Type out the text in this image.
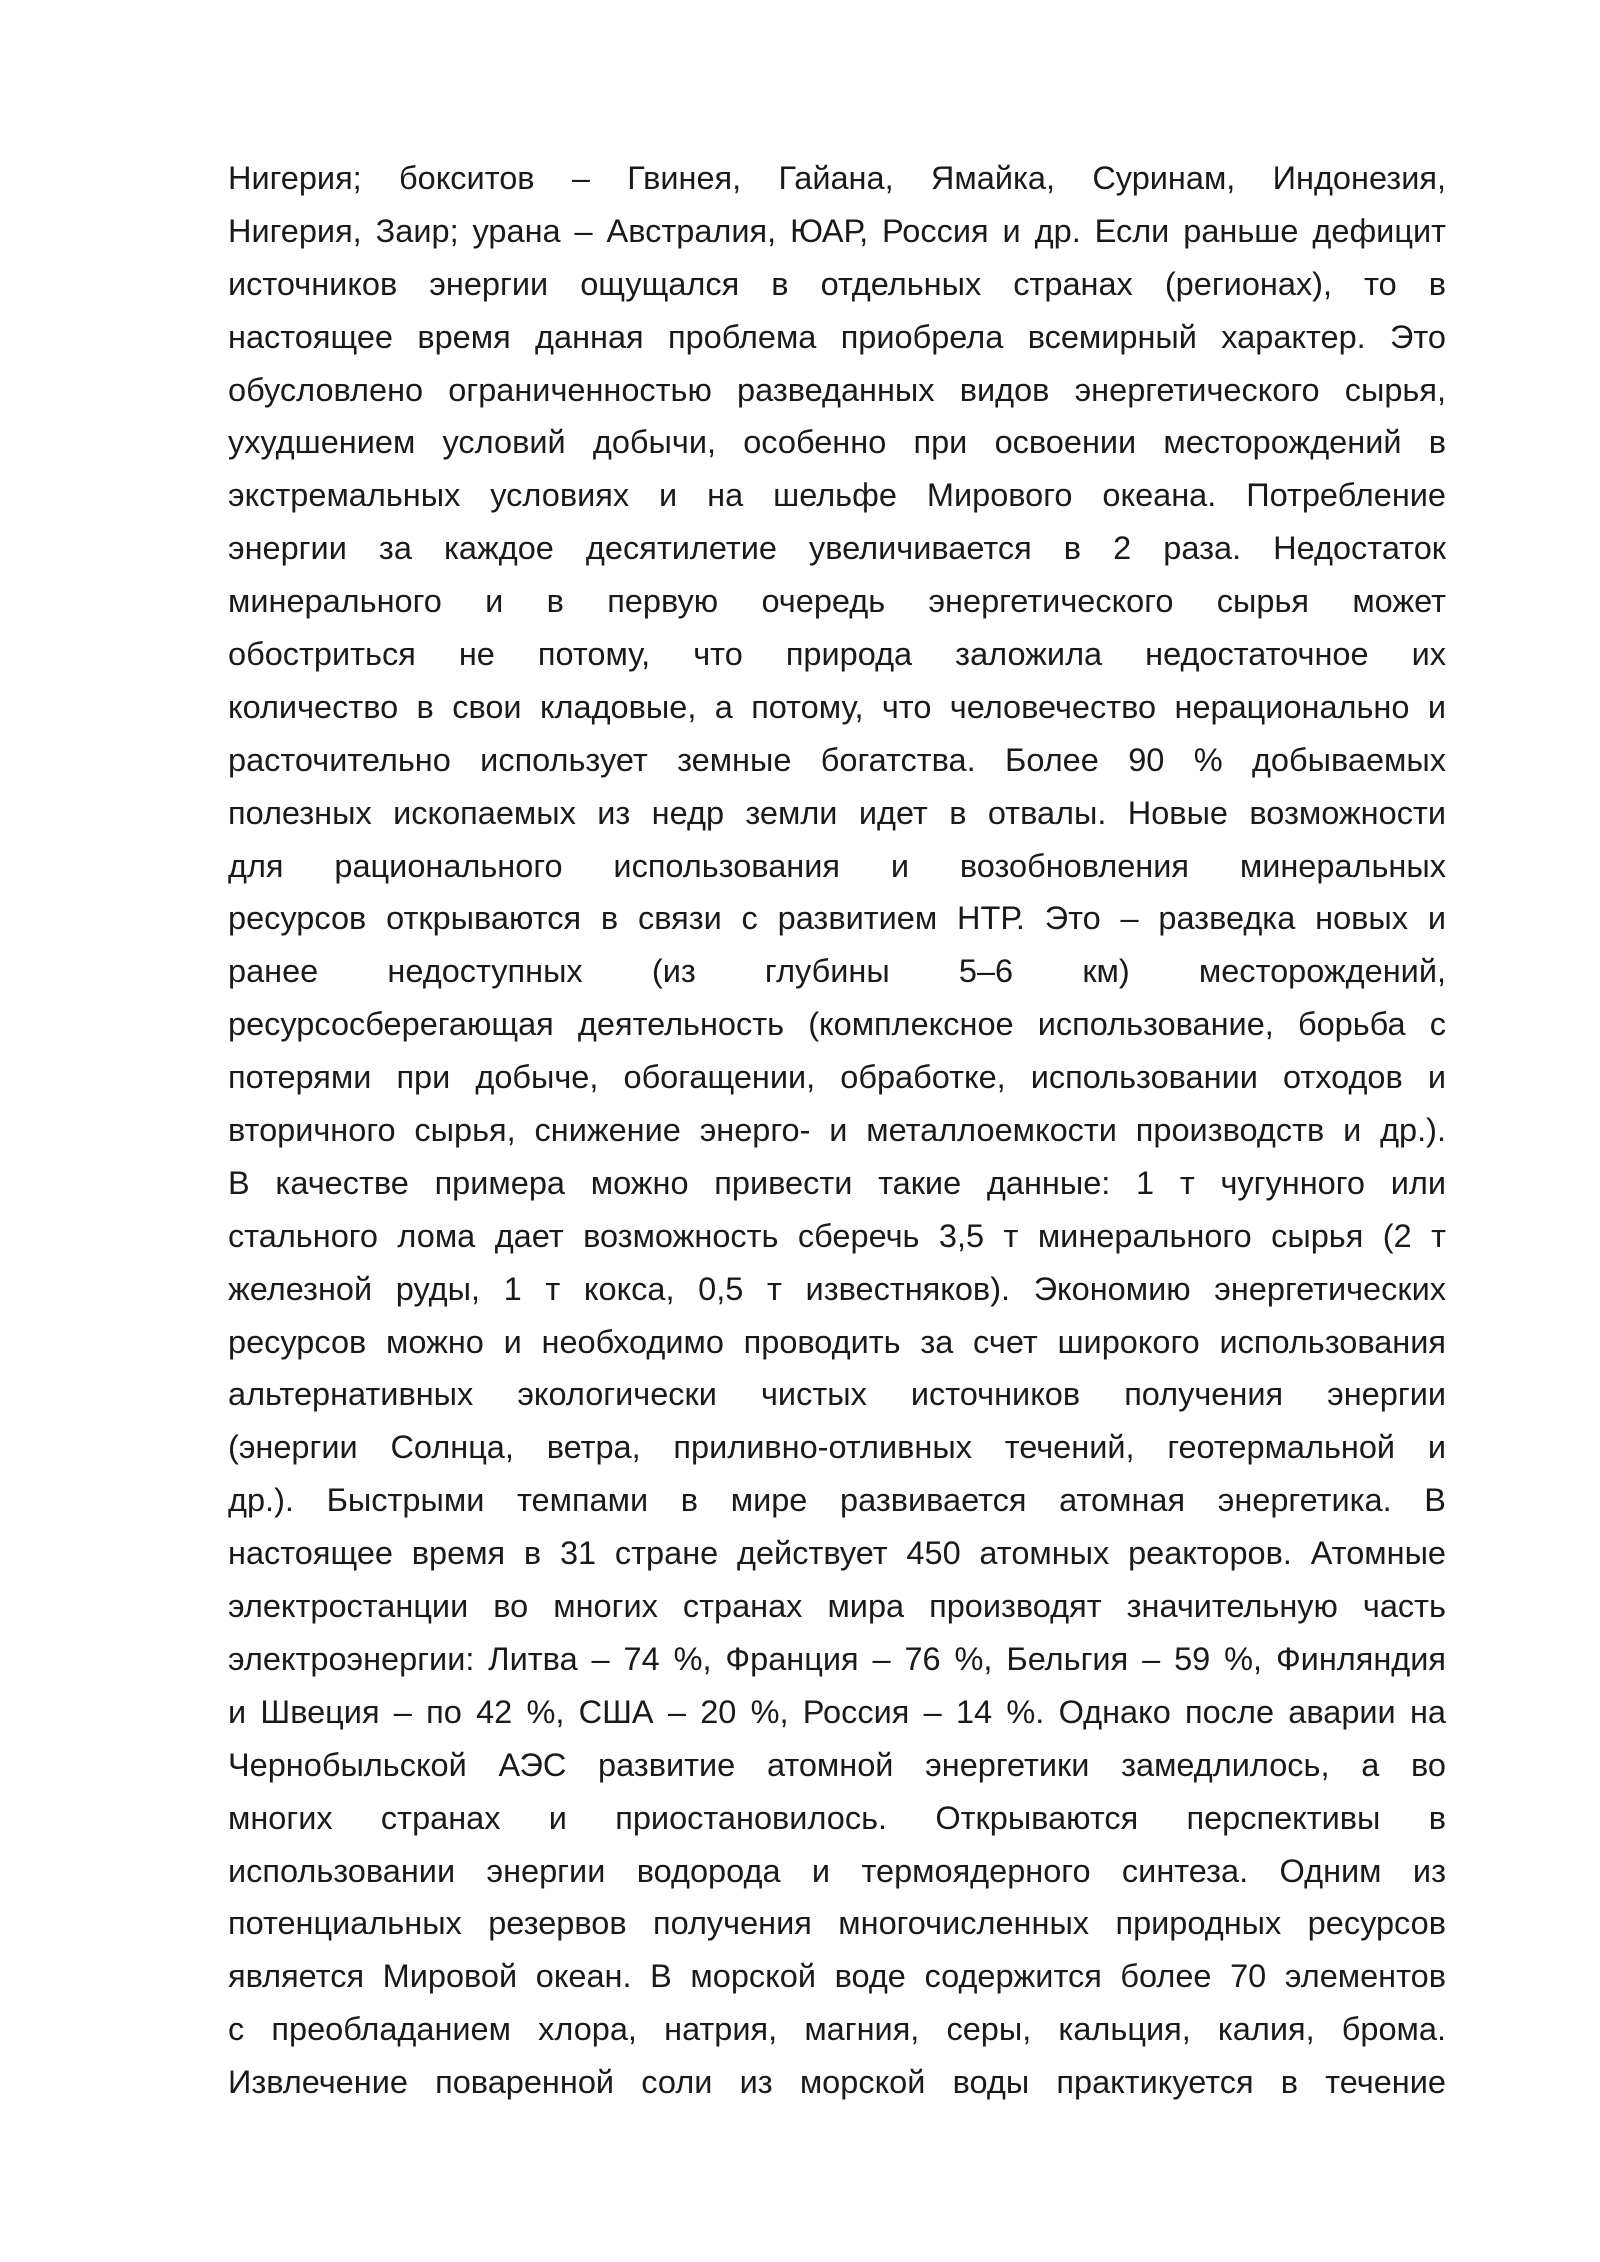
Нигерия; бокситов – Гвинея, Гайана, Ямайка, Суринам, Индонезия,
Нигерия, Заир; урана – Австралия, ЮАР, Россия и др. Если раньше дефицит
источников энергии ощущался в отдельных странах (регионах), то в
настоящее время данная проблема приобрела всемирный характер. Это
обусловлено ограниченностью разведанных видов энергетического сырья,
ухудшением условий добычи, особенно при освоении месторождений в
экстремальных условиях и на шельфе Мирового океана. Потребление
энергии за каждое десятилетие увеличивается в 2 раза. Недостаток
минерального и в первую очередь энергетического сырья может
обостриться не потому, что природа заложила недостаточное их
количество в свои кладовые, а потому, что человечество нерационально и
расточительно использует земные богатства. Более 90 % добываемых
полезных ископаемых из недр земли идет в отвалы. Новые возможности
для рационального использования и возобновления минеральных
ресурсов открываются в связи с развитием НТР. Это – разведка новых и
ранее недоступных (из глубины 5–6 км) месторождений,
ресурсосберегающая деятельность (комплексное использование, борьба с
потерями при добыче, обогащении, обработке, использовании отходов и
вторичного сырья, снижение энерго- и металлоемкости производств и др.).
В качестве примера можно привести такие данные: 1 т чугунного или
стального лома дает возможность сберечь 3,5 т минерального сырья (2 т
железной руды, 1 т кокса, 0,5 т известняков). Экономию энергетических
ресурсов можно и необходимо проводить за счет широкого использования
альтернативных экологически чистых источников получения энергии
(энергии Солнца, ветра, приливно-отливных течений, геотермальной и
др.). Быстрыми темпами в мире развивается атомная энергетика. В
настоящее время в 31 стране действует 450 атомных реакторов. Атомные
электростанции во многих странах мира производят значительную часть
электроэнергии: Литва – 74 %, Франция – 76 %, Бельгия – 59 %, Финляндия
и Швеция – по 42 %, США – 20 %, Россия – 14 %. Однако после аварии на
Чернобыльской АЭС развитие атомной энергетики замедлилось, а во
многих странах и приостановилось. Открываются перспективы в
использовании энергии водорода и термоядерного синтеза. Одним из
потенциальных резервов получения многочисленных природных ресурсов
является Мировой океан. В морской воде содержится более 70 элементов
с преобладанием хлора, натрия, магния, серы, кальция, калия, брома.
Извлечение поваренной соли из морской воды практикуется в течение
